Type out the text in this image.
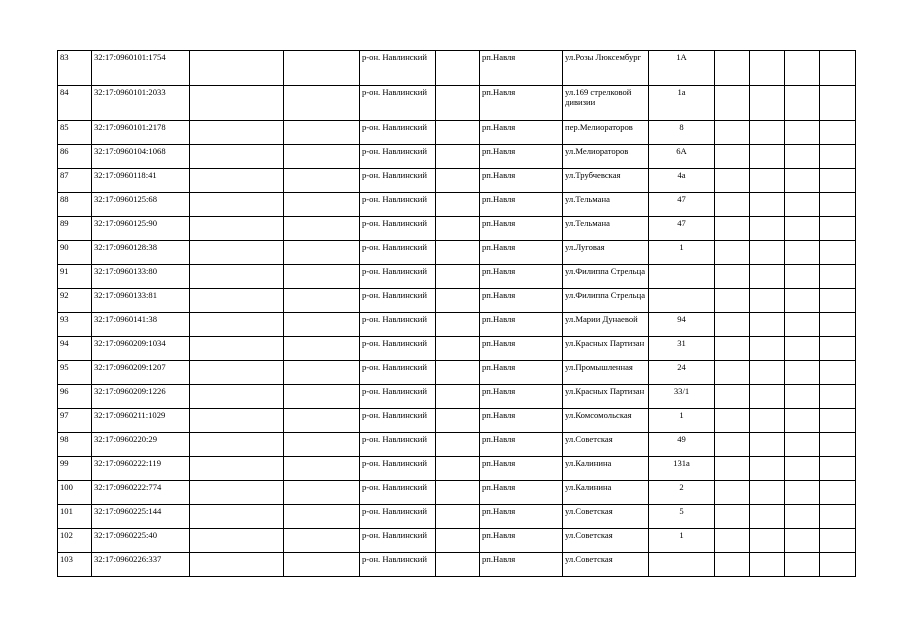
83	32:17:0960101:1754			р-он. Навлинский		рп.Навля	ул.Розы Люксембург	1А				
84	32:17:0960101:2033			р-он. Навлинский		рп.Навля	ул.169 стрелковой дивизии	1а				
85	32:17:0960101:2178			р-он. Навлинский		рп.Навля	пер.Мелиораторов	8				
86	32:17:0960104:1068			р-он. Навлинский		рп.Навля	ул.Мелиораторов	6А				
87	32:17:0960118:41			р-он. Навлинский		рп.Навля	ул.Трубчевская	4а				
88	32:17:0960125:68			р-он. Навлинский		рп.Навля	ул.Тельмана	47				
89	32:17:0960125:90			р-он. Навлинский		рп.Навля	ул.Тельмана	47				
90	32:17:0960128:38			р-он. Навлинский		рп.Навля	ул.Луговая	1				
91	32:17:0960133:80			р-он. Навлинский		рп.Навля	ул.Филиппа Стрельца					
92	32:17:0960133:81			р-он. Навлинский		рп.Навля	ул.Филиппа Стрельца					
93	32:17:0960141:38			р-он. Навлинский		рп.Навля	ул.Марии Дунаевой	94				
94	32:17:0960209:1034			р-он. Навлинский		рп.Навля	ул.Красных Партизан	31				
95	32:17:0960209:1207			р-он. Навлинский		рп.Навля	ул.Промышленная	24				
96	32:17:0960209:1226			р-он. Навлинский		рп.Навля	ул.Красных Партизан	33/1				
97	32:17:0960211:1029			р-он. Навлинский		рп.Навля	ул.Комсомольская	1				
98	32:17:0960220:29			р-он. Навлинский		рп.Навля	ул.Советская	49				
99	32:17:0960222:119			р-он. Навлинский		рп.Навля	ул.Калинина	131а				
100	32:17:0960222:774			р-он. Навлинский		рп.Навля	ул.Калинина	2				
101	32:17:0960225:144			р-он. Навлинский		рп.Навля	ул.Советская	5				
102	32:17:0960225:40			р-он. Навлинский		рп.Навля	ул.Советская	1				
103	32:17:0960226:337			р-он. Навлинский		рп.Навля	ул.Советская					
